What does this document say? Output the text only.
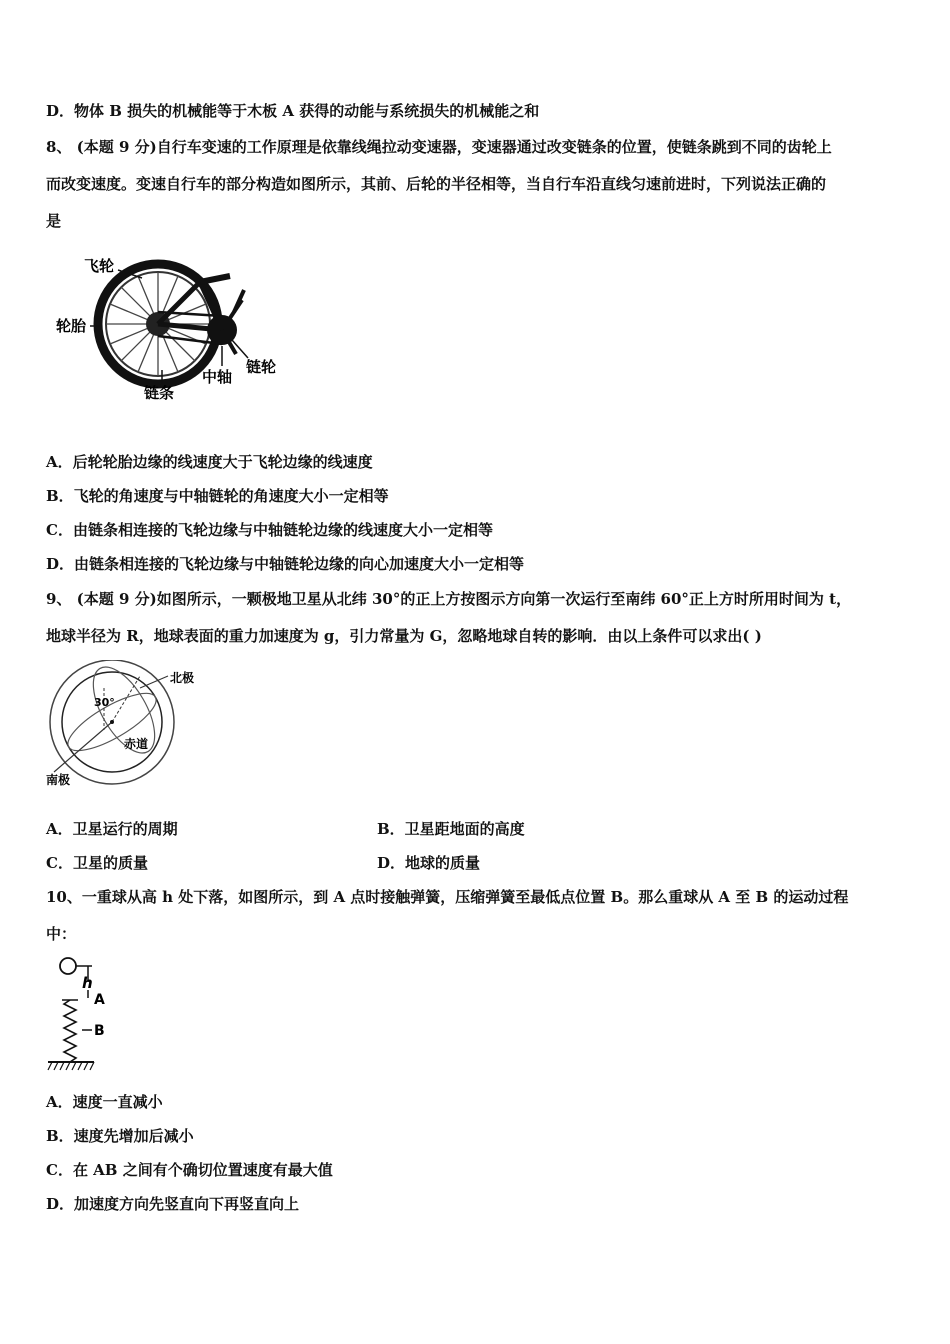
D．物体 B 损失的机械能等于木板 A 获得的动能与系统损失的机械能之和
8、 (本题 9 分)自行车变速的工作原理是依靠线绳拉动变速器，变速器通过改变链条的位置，使链条跳到不同的齿轮上
而改变速度。变速自行车的部分构造如图所示，其前、后轮的半径相等，当自行车沿直线匀速前进时，下列说法正确的
是
飞轮
轮胎
链条
中轴
链轮
A．后轮轮胎边缘的线速度大于飞轮边缘的线速度
B．飞轮的角速度与中轴链轮的角速度大小一定相等
C．由链条相连接的飞轮边缘与中轴链轮边缘的线速度大小一定相等
D．由链条相连接的飞轮边缘与中轴链轮边缘的向心加速度大小一定相等
9、 (本题 9 分)如图所示，一颗极地卫星从北纬 30°的正上方按图示方向第一次运行至南纬 60°正上方时所用时间为 t，
地球半径为 R，地球表面的重力加速度为 g，引力常量为 G，忽略地球自转的影响．由以上条件可以求出( )
北极
南极
赤道
30°
A．卫星运行的周期	B．卫星距地面的高度
C．卫星的质量	D．地球的质量
10、一重球从高 h 处下落，如图所示，到 A 点时接触弹簧，压缩弹簧至最低点位置 B。那么重球从 A 至 B 的运动过程
中：
h
A
B
A．速度一直减小
B．速度先增加后减小
C．在 AB 之间有个确切位置速度有最大值
D．加速度方向先竖直向下再竖直向上
